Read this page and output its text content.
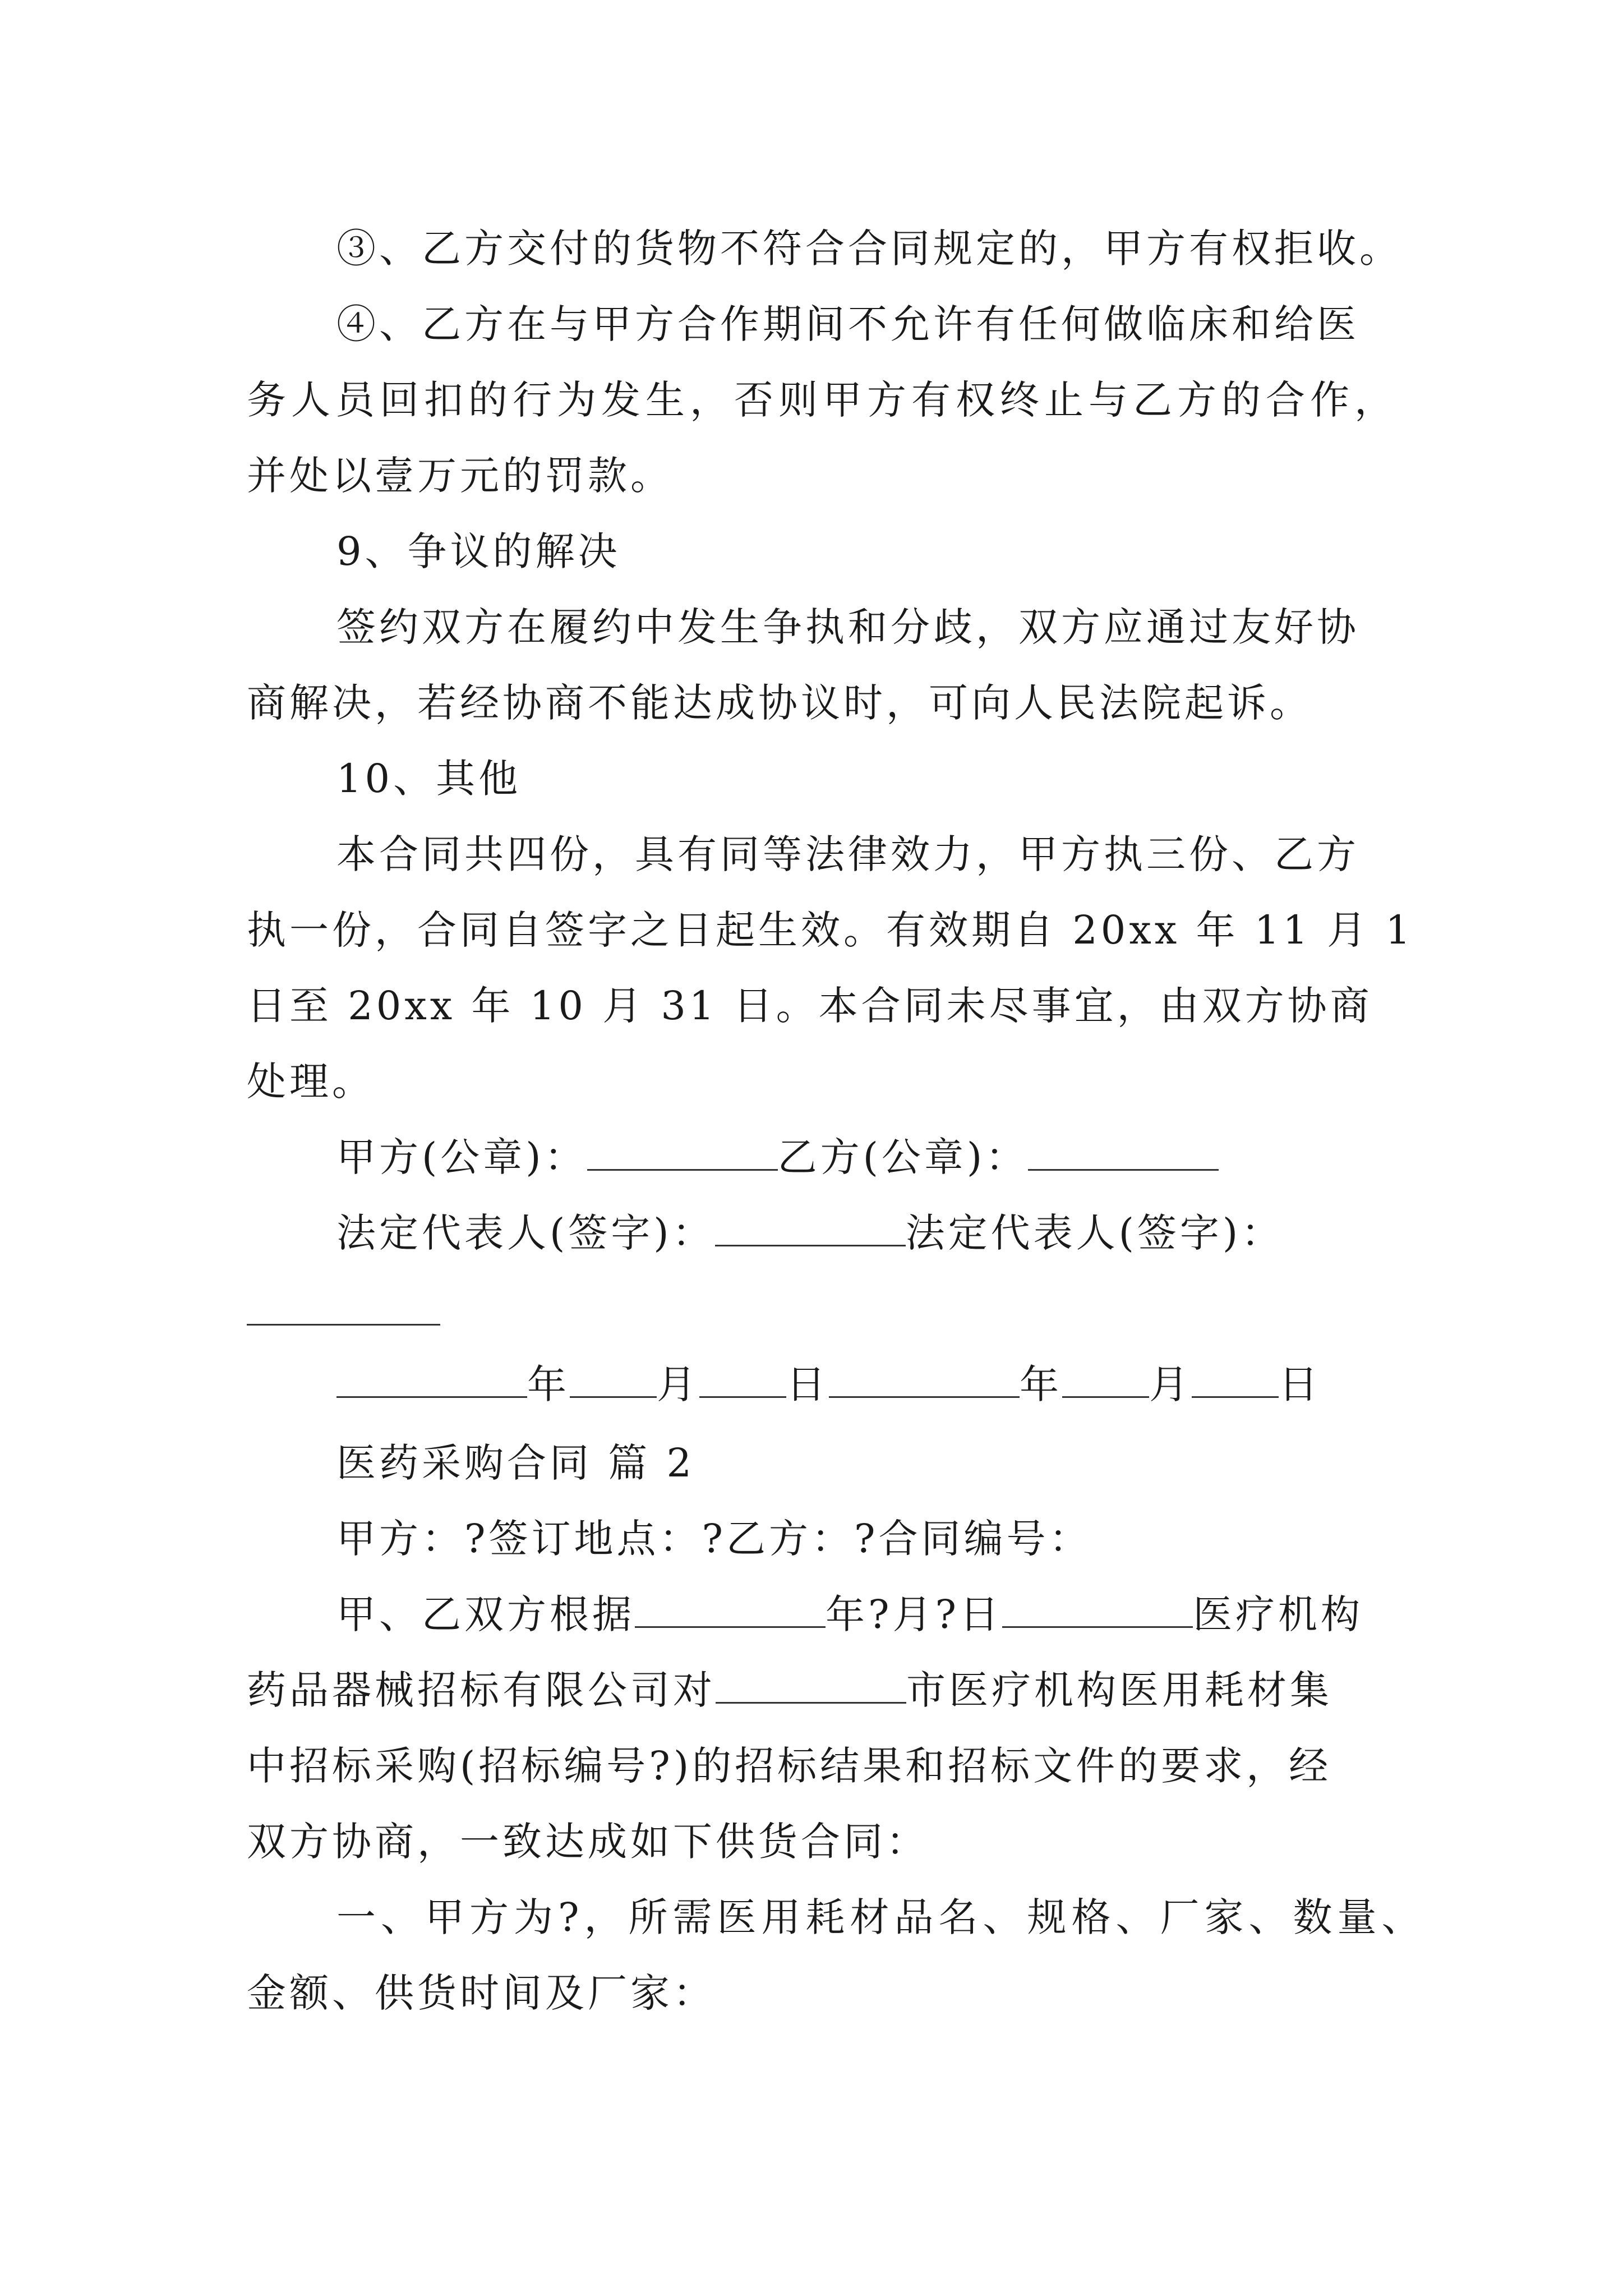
③、乙方交付的货物不符合合同规定的，甲方有权拒收。
④、乙方在与甲方合作期间不允许有任何做临床和给医
务人员回扣的行为发生，否则甲方有权终止与乙方的合作，
并处以壹万元的罚款。
9、争议的解决
签约双方在履约中发生争执和分歧，双方应通过友好协
商解决，若经协商不能达成协议时，可向人民法院起诉。
10、其他
本合同共四份，具有同等法律效力，甲方执三份、乙方
执一份，合同自签字之日起生效。有效期自 20xx 年 11 月 1
日至 20xx 年 10 月 31 日。本合同未尽事宜，由双方协商
处理。
甲方(公章)：	乙方(公章)：
法定代表人(签字)：	法定代表人(签字)：
年 月 日	年 月 日
医药采购合同 篇 2
甲方：?签订地点：?乙方：?合同编号：
甲、乙双方根据	年?月?日	医疗机构
药品器械招标有限公司对	市医疗机构医用耗材集
中招标采购(招标编号?)的招标结果和招标文件的要求，经
双方协商，一致达成如下供货合同：
一、甲方为?，所需医用耗材品名、规格、厂家、数量、
金额、供货时间及厂家：
